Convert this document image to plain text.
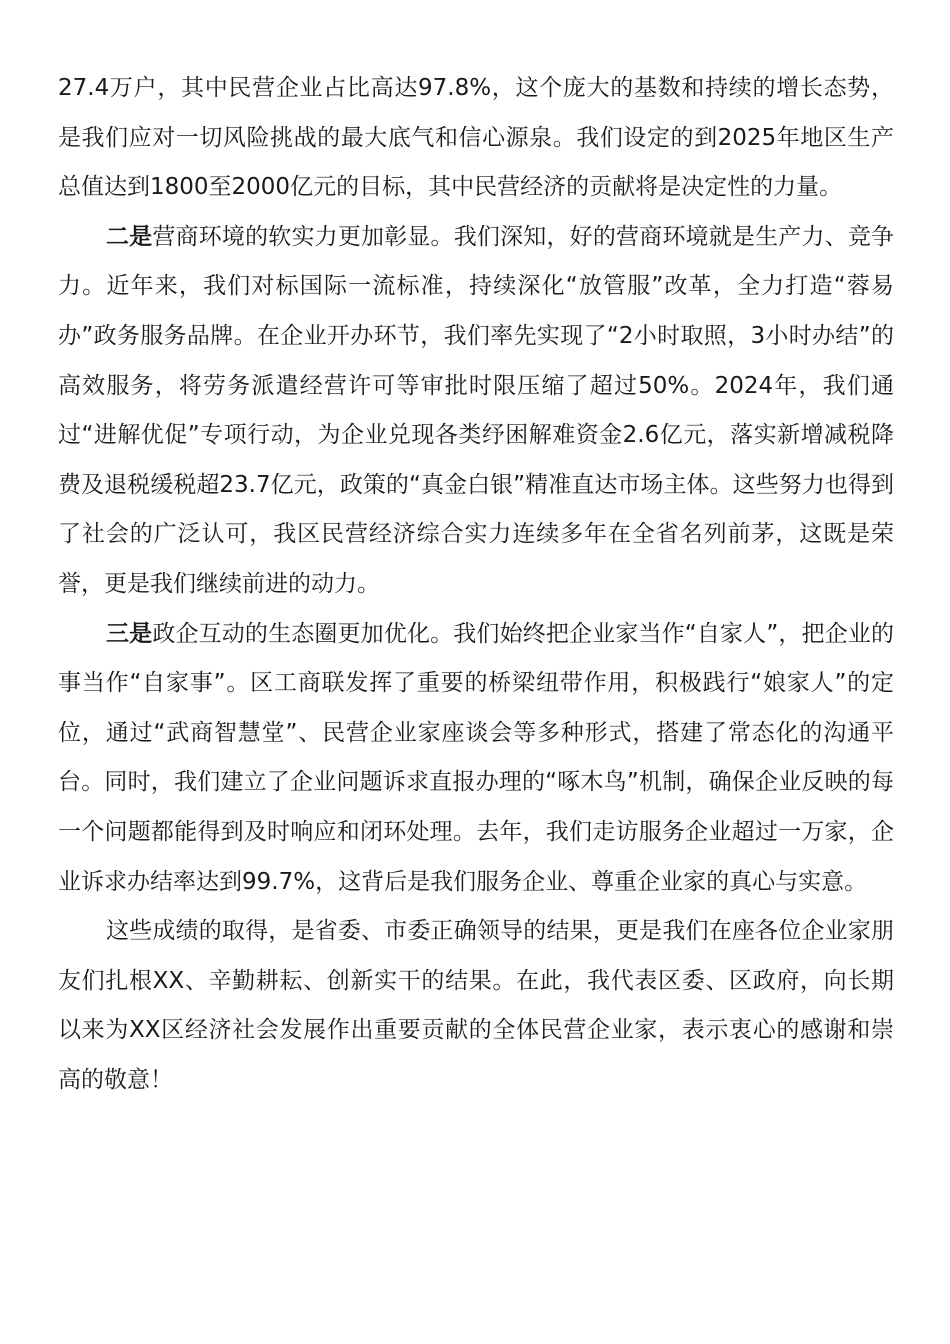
27.4万户，其中民营企业占比高达97.8%，这个庞大的基数和持续的增长态势，是我们应对一切风险挑战的最大底气和信心源泉。我们设定的到2025年地区生产总值达到1800至2000亿元的目标，其中民营经济的贡献将是决定性的力量。

二是营商环境的软实力更加彰显。我们深知，好的营商环境就是生产力、竞争力。近年来，我们对标国际一流标准，持续深化“放管服”改革，全力打造“蓉易办”政务服务品牌。在企业开办环节，我们率先实现了“2小时取照，3小时办结”的高效服务，将劳务派遣经营许可等审批时限压缩了超过50%。2024年，我们通过“进解优促”专项行动，为企业兑现各类纾困解难资金2.6亿元，落实新增减税降费及退税缓税超23.7亿元，政策的“真金白银”精准直达市场主体。这些努力也得到了社会的广泛认可，我区民营经济综合实力连续多年在全省名列前茅，这既是荣誉，更是我们继续前进的动力。

三是政企互动的生态圈更加优化。我们始终把企业家当作“自家人”，把企业的事当作“自家事”。区工商联发挥了重要的桥梁纽带作用，积极践行“娘家人”的定位，通过“武商智慧堂”、民营企业家座谈会等多种形式，搭建了常态化的沟通平台。同时，我们建立了企业问题诉求直报办理的“啄木鸟”机制，确保企业反映的每一个问题都能得到及时响应和闭环处理。去年，我们走访服务企业超过一万家，企业诉求办结率达到99.7%，这背后是我们服务企业、尊重企业家的真心与实意。

这些成绩的取得，是省委、市委正确领导的结果，更是我们在座各位企业家朋友们扎根XX、辛勤耕耘、创新实干的结果。在此，我代表区委、区政府，向长期以来为XX区经济社会发展作出重要贡献的全体民营企业家，表示衷心的感谢和崇高的敬意！
